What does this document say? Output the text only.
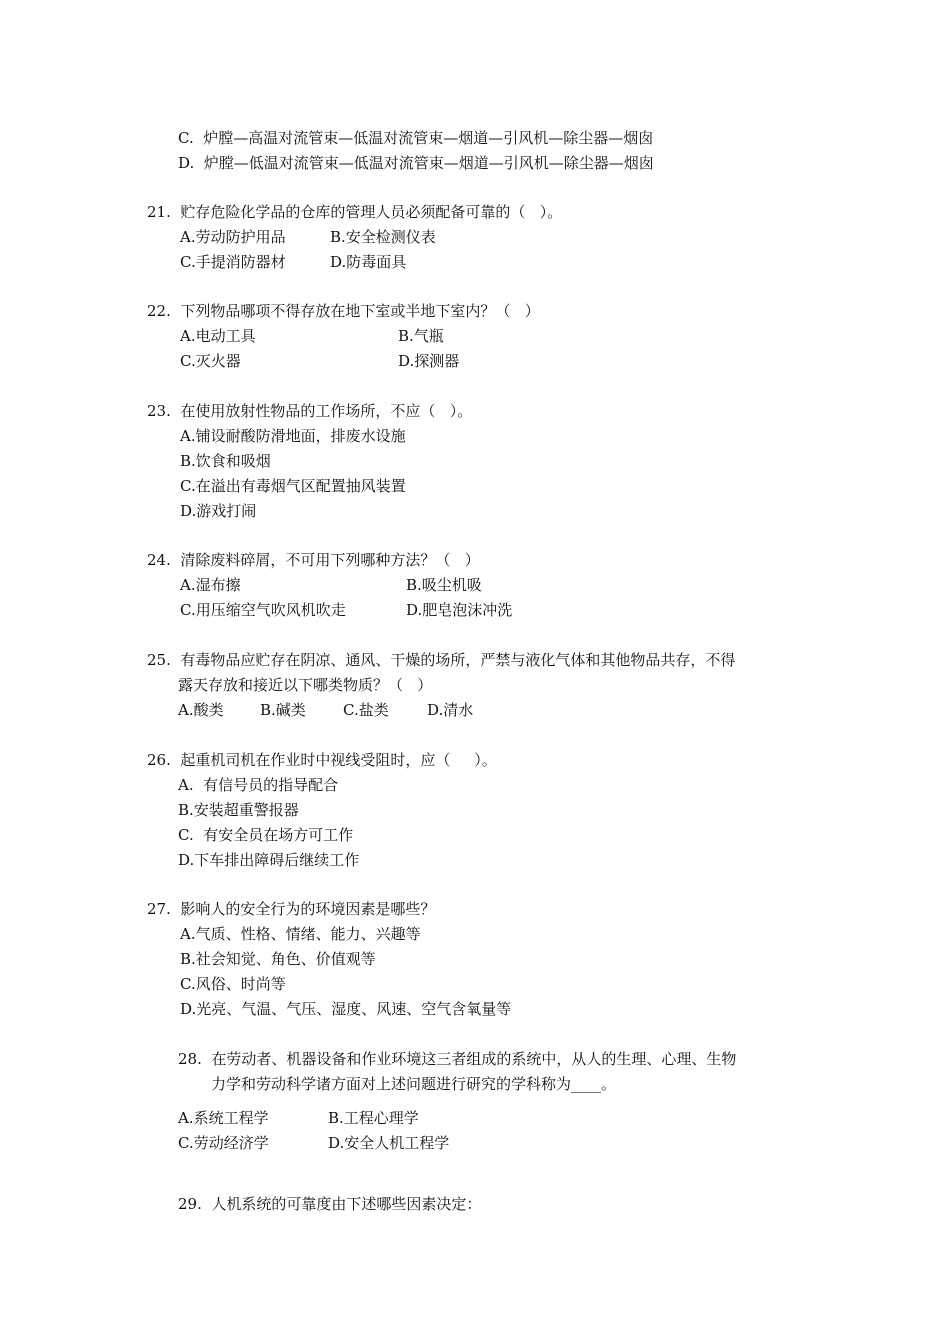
C.  炉膛—高温对流管束—低温对流管束—烟道—引风机—除尘器—烟囱
D.  炉膛—低温对流管束—低温对流管束—烟道—引风机—除尘器—烟囱
21.  贮存危险化学品的仓库的管理人员必须配备可靠的（   ）。
A.劳动防护用品	B.安全检测仪表
C.手提消防器材	D.防毒面具
22.  下列物品哪项不得存放在地下室或半地下室内？（   ）
A.电动工具	B.气瓶
C.灭火器	D.探测器
23.  在使用放射性物品的工作场所，不应（   ）。
A.铺设耐酸防滑地面，排废水设施
B.饮食和吸烟
C.在溢出有毒烟气区配置抽风装置
D.游戏打闹
24.  清除废料碎屑，不可用下列哪种方法？（   ）
A.湿布擦	B.吸尘机吸
C.用压缩空气吹风机吹走	D.肥皂泡沫冲洗
25.  有毒物品应贮存在阴凉、通风、干燥的场所，严禁与液化气体和其他物品共存，不得
露天存放和接近以下哪类物质？（   ）
A.酸类 B.碱类 C.盐类	D.清水
26.  起重机司机在作业时中视线受阻时，应（     ）。
A.  有信号员的指导配合
B.安装超重警报器
C.  有安全员在场方可工作
D.下车排出障碍后继续工作
27.  影响人的安全行为的环境因素是哪些？
A.气质、性格、情绪、能力、兴趣等
B.社会知觉、角色、价值观等
C.风俗、时尚等
D.光亮、气温、气压、湿度、风速、空气含氧量等
28.  在劳动者、机器设备和作业环境这三者组成的系统中，从人的生理、心理、生物
力学和劳动科学诸方面对上述问题进行研究的学科称为____。
A.系统工程学	B.工程心理学
C.劳动经济学	D.安全人机工程学
29.  人机系统的可靠度由下述哪些因素决定：
